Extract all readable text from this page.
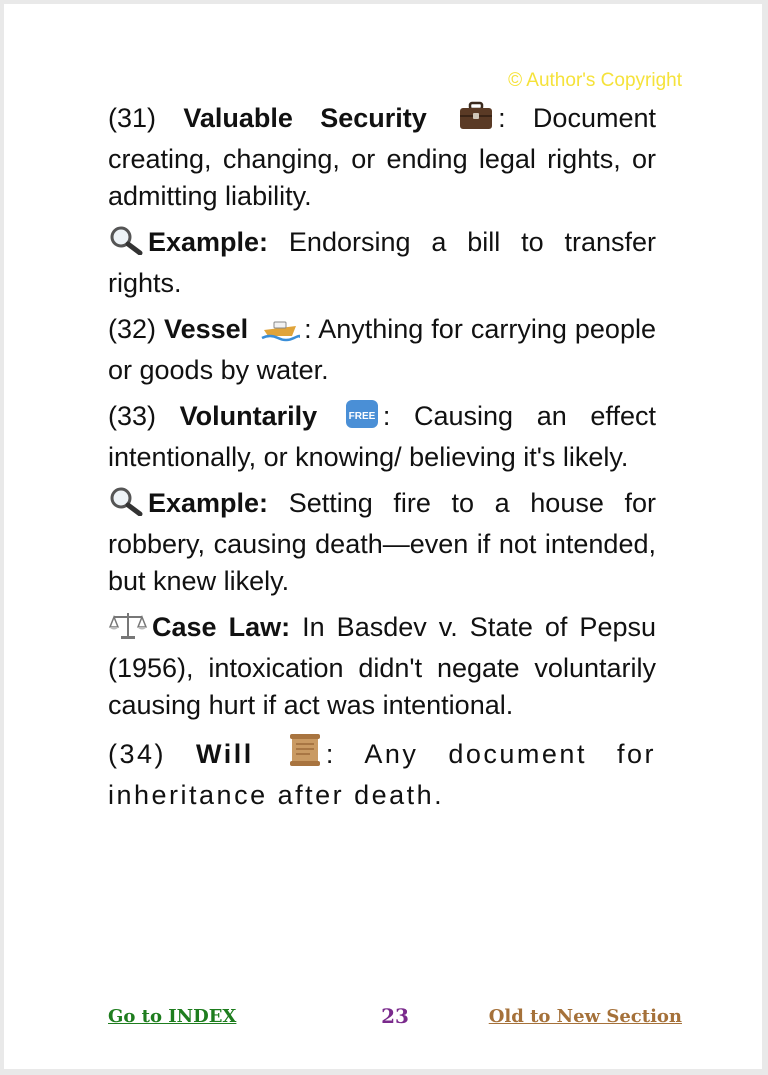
© Author's Copyright

(31) Valuable Security	: Document creating, changing, or ending legal rights, or admitting liability.

Example: Endorsing a bill to transfer rights.

(32) Vessel : Anything for carrying people or goods by water.

(33) Voluntarily	FREE : Causing an effect intentionally, or knowing/ believing it's likely.

Example: Setting fire to a house for robbery, causing death—even if not intended, but knew likely.

Case Law: In Basdev v. State of Pepsu (1956), intoxication didn't negate voluntarily causing hurt if act was intentional.

(34) Will	: Any document for inheritance after death.

Go to INDEX	23	Old to New Section
